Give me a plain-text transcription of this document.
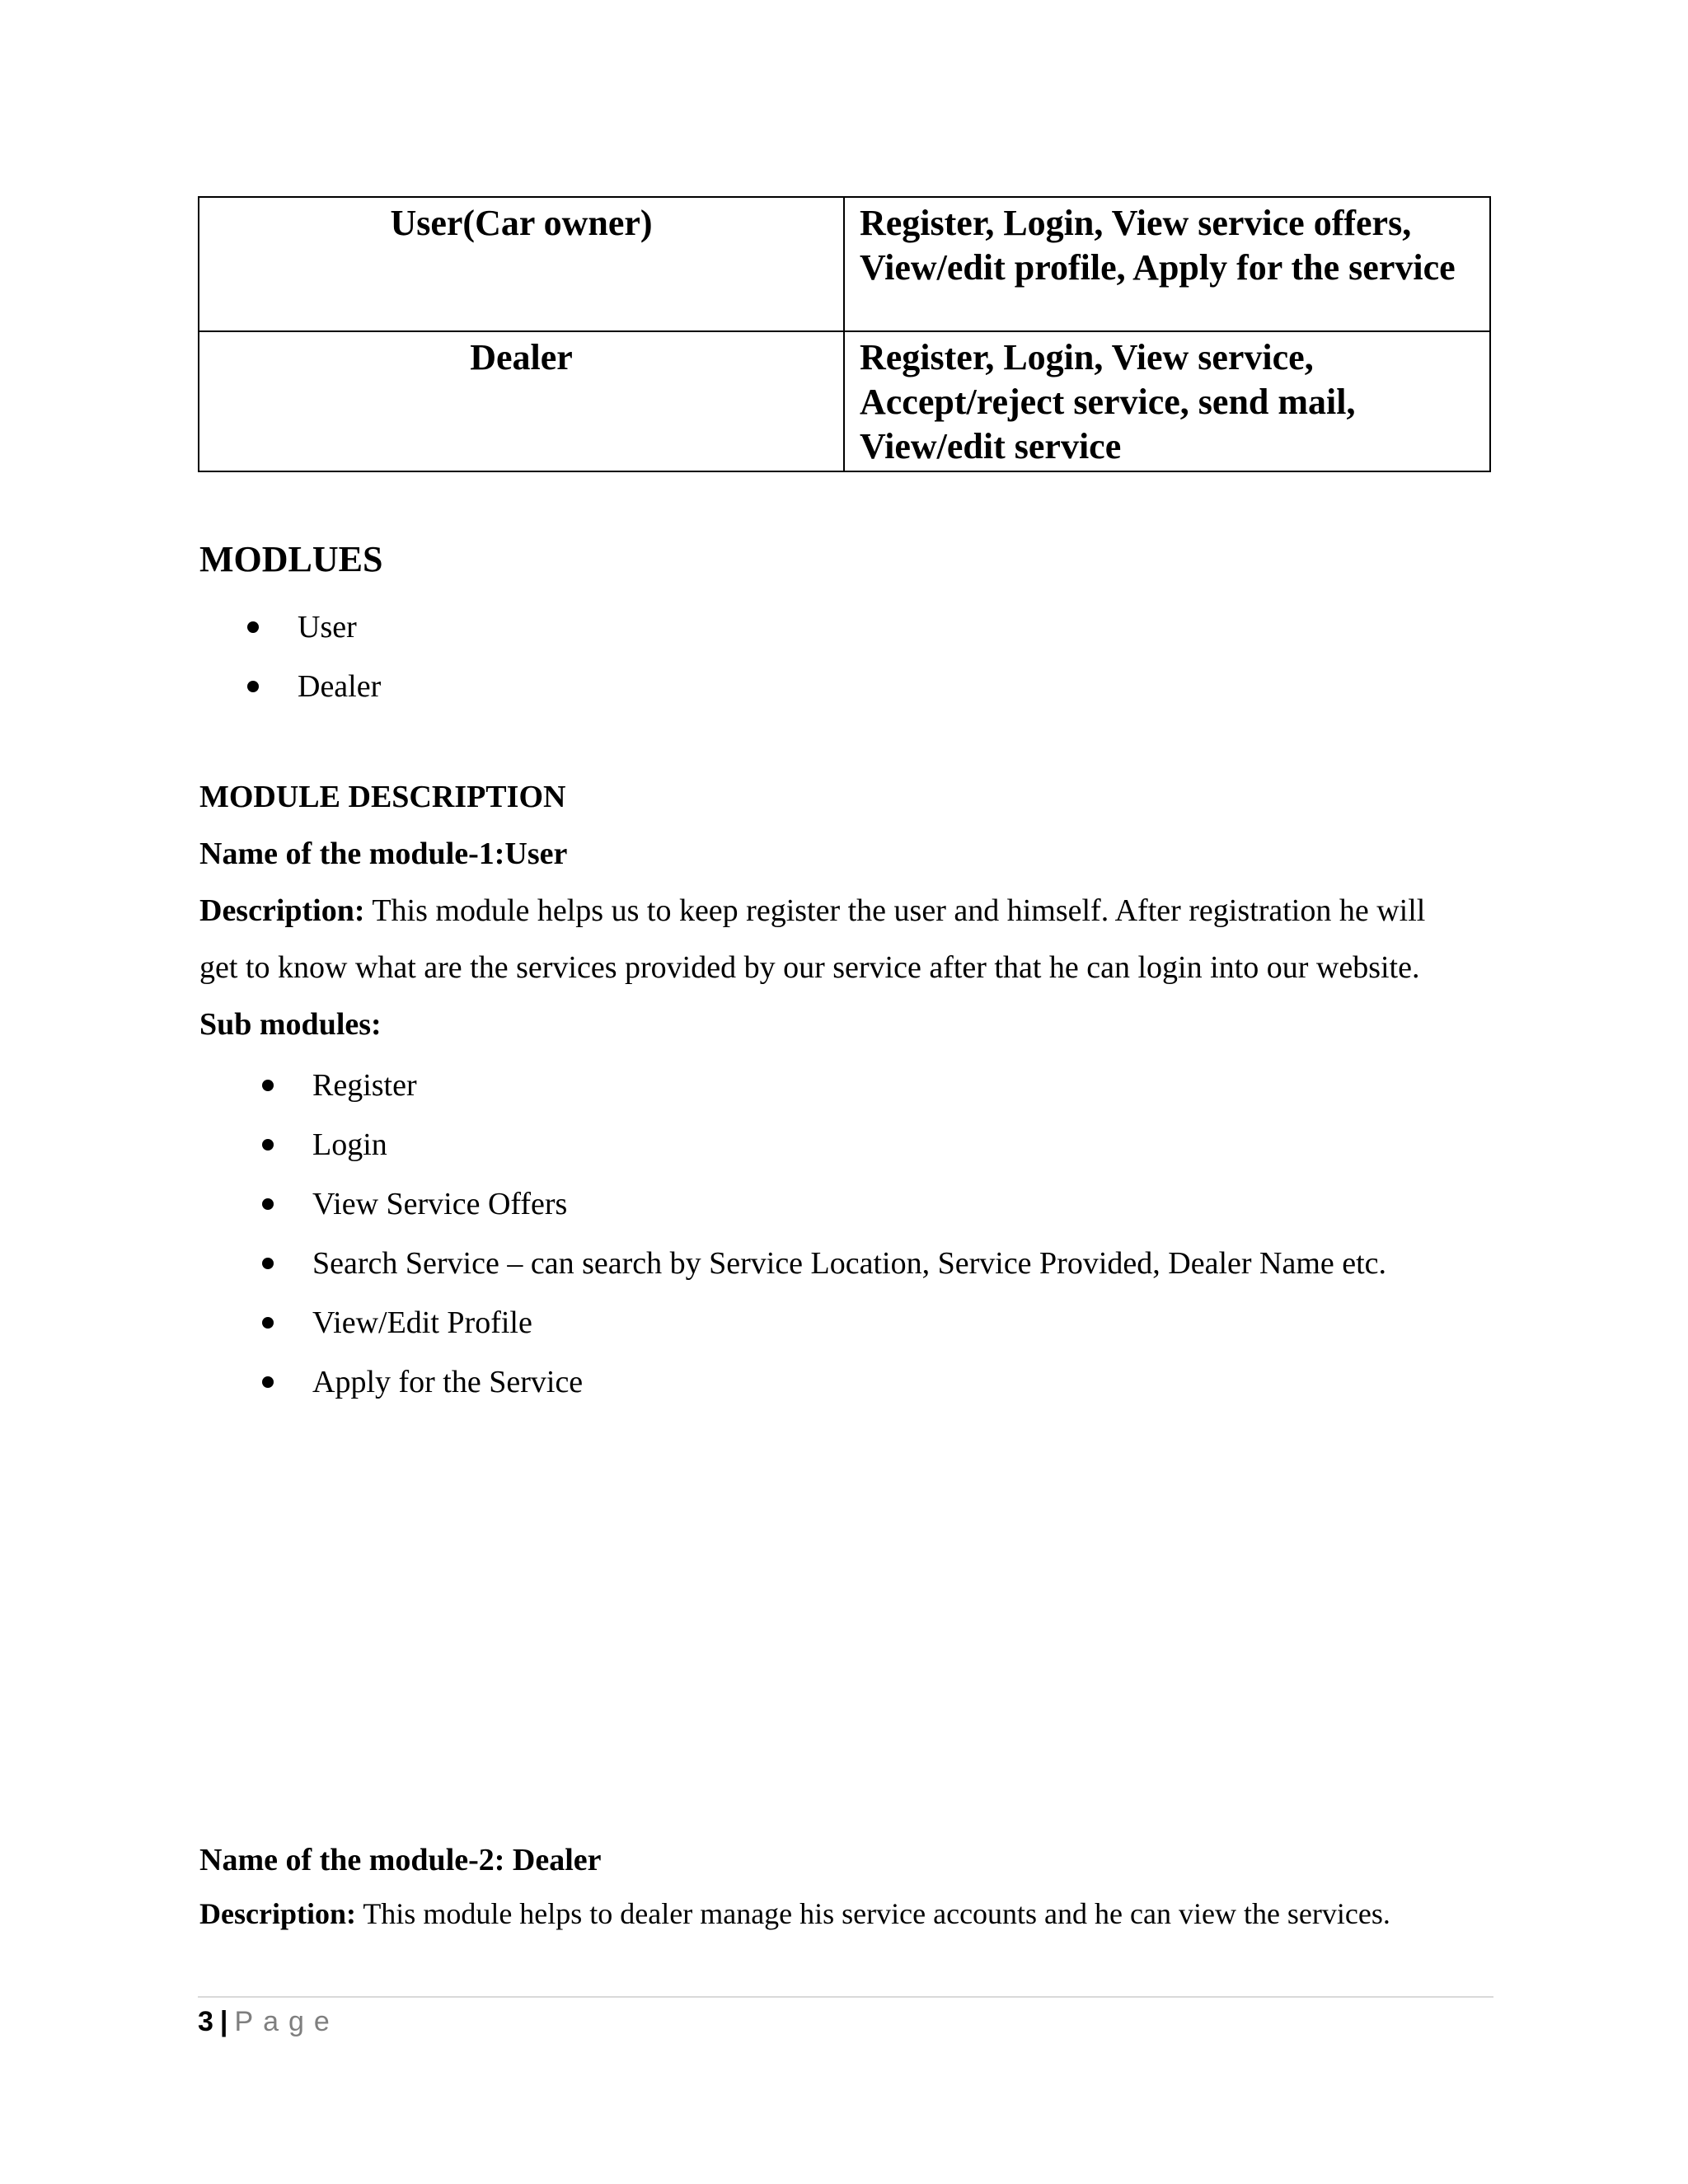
User(Car owner)	Register, Login, View service offers, View/edit profile, Apply for the service
Dealer	Register, Login, View service, Accept/reject service, send mail, View/edit service
MODLUES
User
Dealer

MODULE DESCRIPTION

Name of the module-1:User

Description: This module helps us to keep register the user and himself. After registration he will

get to know what are the services provided by our service after that he can login into our website.

Sub modules:

Register
Login
View Service Offers
Search Service – can search by Service Location, Service Provided, Dealer Name etc.
View/Edit Profile
Apply for the Service

Name of the module-2: Dealer

Description: This module helps to dealer manage his service accounts and he can view the services.

3 | Page
